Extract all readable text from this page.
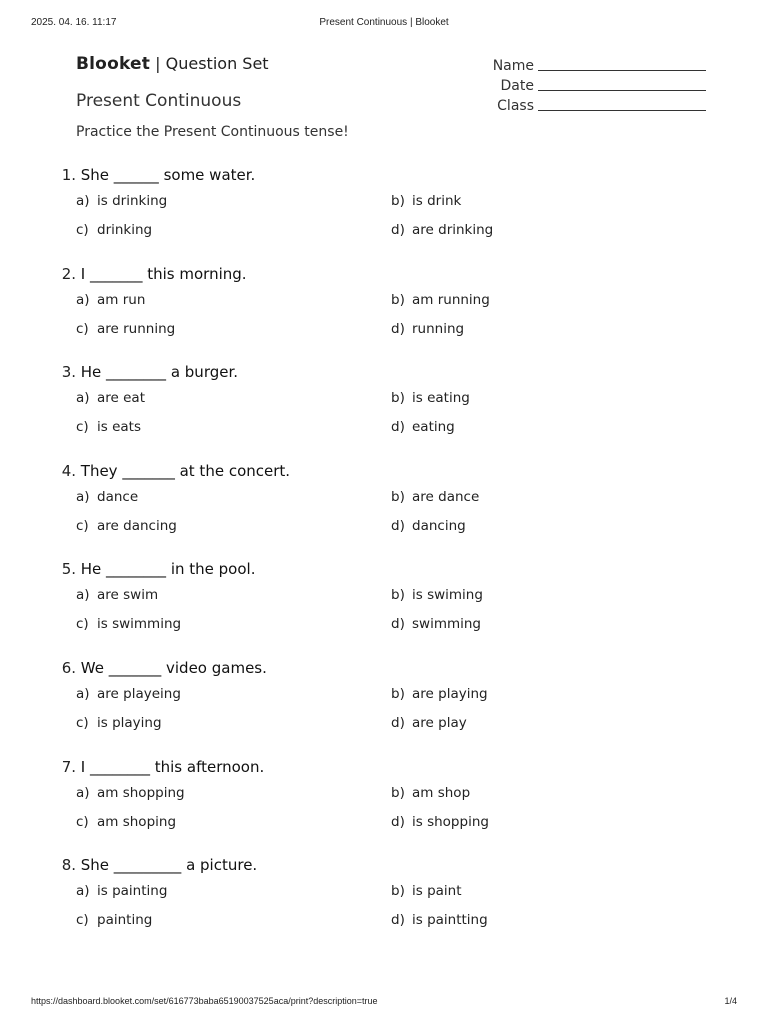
2025. 04. 16. 11:17	Present Continuous | Blooket
Blooket | Question Set	Name
Date
Class
Present Continuous
Practice the Present Continuous tense!
1. She ______ some water.
a) is drinking	b) is drink
c) drinking	d) are drinking
2. I _______ this morning.
a) am run	b) am running
c) are running	d) running
3. He ________ a burger.
a) are eat	b) is eating
c) is eats	d) eating
4. They _______ at the concert.
a) dance	b) are dance
c) are dancing	d) dancing
5. He ________ in the pool.
a) are swim	b) is swiming
c) is swimming	d) swimming
6. We _______ video games.
a) are playeing	b) are playing
c) is playing	d) are play
7. I ________ this afternoon.
a) am shopping	b) am shop
c) am shoping	d) is shopping
8. She _________ a picture.
a) is painting	b) is paint
c) painting	d) is paintting
https://dashboard.blooket.com/set/616773baba65190037525aca/print?description=true	1/4
